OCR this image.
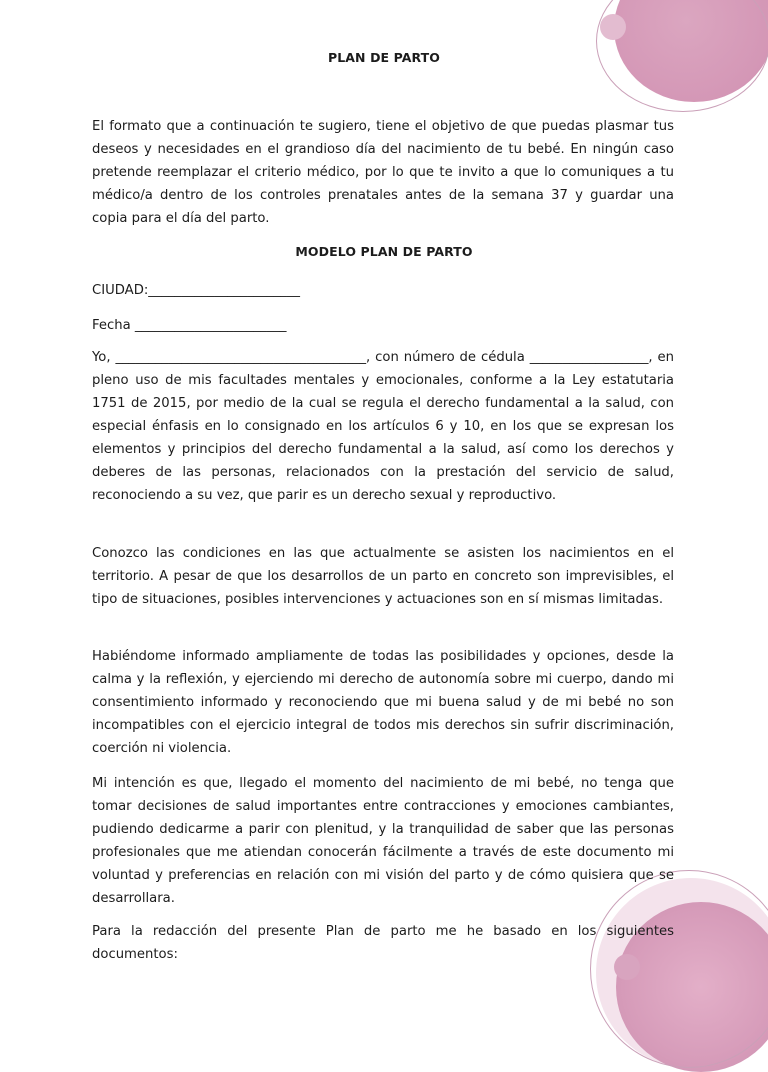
PLAN DE PARTO
El formato que a continuación te sugiero, tiene el objetivo de que puedas plasmar tus deseos y necesidades en el grandioso día del nacimiento de tu bebé. En ningún caso pretende reemplazar el criterio médico, por lo que te invito a que lo comuniques a tu médico/a dentro de los controles prenatales antes de la semana 37 y guardar una copia para el día del parto.
MODELO PLAN DE PARTO
CIUDAD:_______________________
Fecha _______________________
Yo, ______________________________________, con número de cédula __________________, en pleno uso de mis facultades mentales y emocionales, conforme a la Ley estatutaria 1751 de 2015, por medio de la cual se regula el derecho fundamental a la salud, con especial énfasis en lo consignado en los artículos 6 y 10, en los que se expresan los elementos y principios del derecho fundamental a la salud, así como los derechos y deberes de las personas, relacionados con la prestación del servicio de salud, reconociendo a su vez, que parir es un derecho sexual y reproductivo.
Conozco las condiciones en las que actualmente se asisten los nacimientos en el territorio. A pesar de que los desarrollos de un parto en concreto son imprevisibles, el tipo de situaciones, posibles intervenciones y actuaciones son en sí mismas limitadas.
Habiéndome informado ampliamente de todas las posibilidades y opciones, desde la calma y la reflexión, y ejerciendo mi derecho de autonomía sobre mi cuerpo, dando mi consentimiento informado y reconociendo que mi buena salud y de mi bebé no son incompatibles con el ejercicio integral de todos mis derechos sin sufrir discriminación, coerción ni violencia.
Mi intención es que, llegado el momento del nacimiento de mi bebé, no tenga que tomar decisiones de salud importantes entre contracciones y emociones cambiantes, pudiendo dedicarme a parir con plenitud, y la tranquilidad de saber que las personas profesionales que me atiendan conocerán fácilmente a través de este documento mi voluntad y preferencias en relación con mi visión del parto y de cómo quisiera que se desarrollara.
Para la redacción del presente Plan de parto me he basado en los siguientes documentos:
